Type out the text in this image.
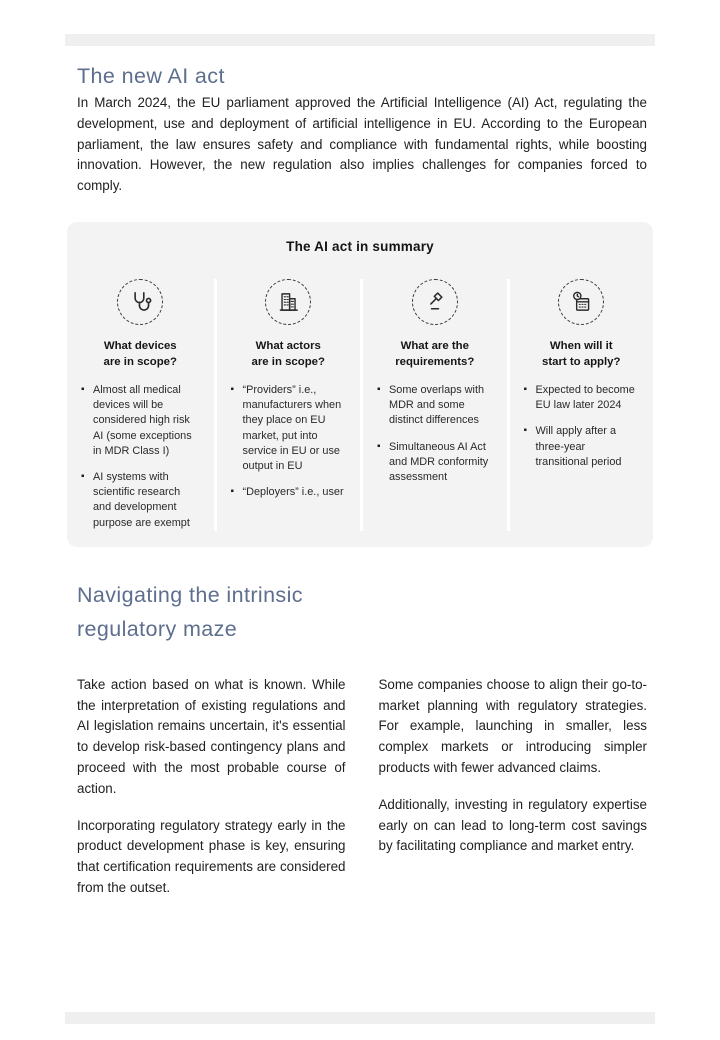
The new AI act

In March 2024, the EU parliament approved the Artificial Intelligence (AI) Act, regulating the development, use and deployment of artificial intelligence in EU. According to the European parliament, the law ensures safety and compliance with fundamental rights, while boosting innovation. However, the new regulation also implies challenges for companies forced to comply.

The AI act in summary
What devices
are in scope?
▪ Almost all medical devices will be considered high risk AI (some exceptions in MDR Class I)
▪ AI systems with scientific research and development purpose are exempt
What actors
are in scope?
▪ “Providers” i.e., manufacturers when they place on EU market, put into service in EU or use output in EU
▪ “Deployers” i.e., user
What are the
requirements?
▪ Some overlaps with MDR and some distinct differences
▪ Simultaneous AI Act and MDR conformity assessment
When will it
start to apply?
▪ Expected to become EU law later 2024
▪ Will apply after a three-year transitional period
Navigating the intrinsic
regulatory maze

Take action based on what is known. While the interpretation of existing regulations and AI legislation remains uncertain, it's essential to develop risk-based contingency plans and proceed with the most probable course of action.

Incorporating regulatory strategy early in the product development phase is key, ensuring that certification requirements are considered from the outset.

Some companies choose to align their go-to-market planning with regulatory strategies. For example, launching in smaller, less complex markets or introducing simpler products with fewer advanced claims.

Additionally, investing in regulatory expertise early on can lead to long-term cost savings by facilitating compliance and market entry.
